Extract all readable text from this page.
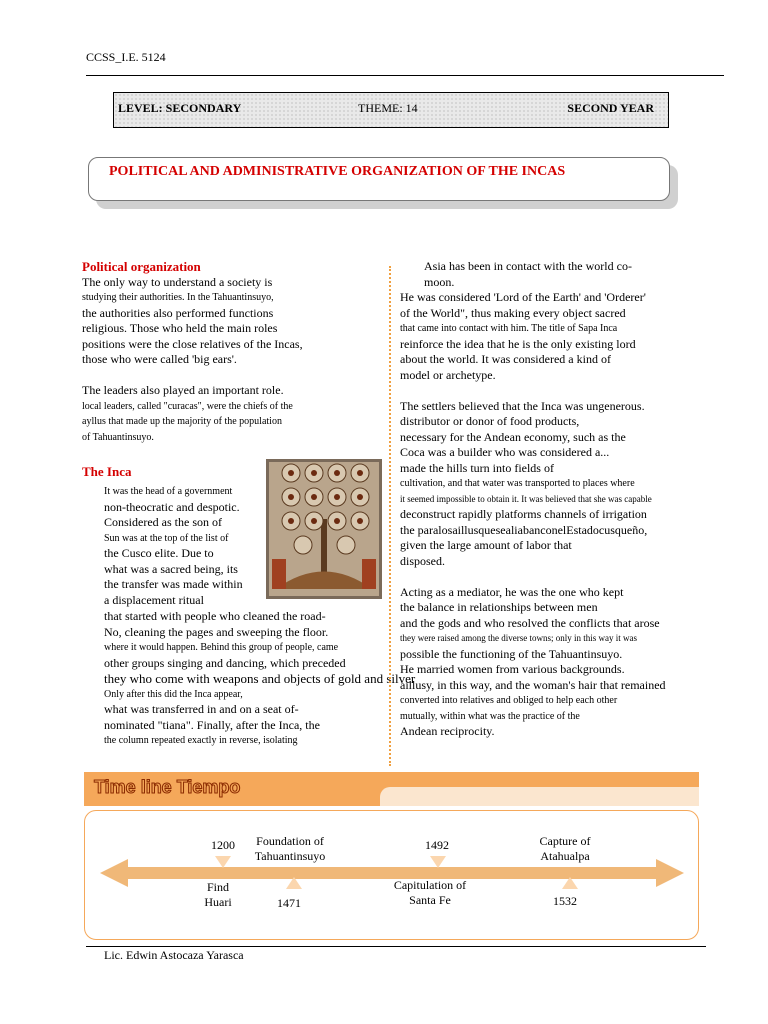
CCSS_I.E. 5124
LEVEL: SECONDARY	THEME: 14	SECOND YEAR
POLITICAL AND ADMINISTRATIVE ORGANIZATION OF THE INCAS

Political organization

The only way to understand a society is

studying their authorities. In the Tahuantinsuyo,

the authorities also performed functions

religious. Those who held the main roles

positions were the close relatives of the Incas,

those who were called 'big ears'.

The leaders also played an important role.

local leaders, called "curacas", were the chiefs of the

ayllus that made up the majority of the population

of Tahuantinsuyo.

The Inca

It was the head of a government

non-theocratic and despotic.

Considered as the son of

Sun was at the top of the list of

the Cusco elite. Due to

what was a sacred being, its

the transfer was made within

a displacement ritual

that started with people who cleaned the road-

No, cleaning the pages and sweeping the floor.

where it would happen. Behind this group of people, came

other groups singing and dancing, which preceded

they who come with weapons and objects of gold and silver

Only after this did the Inca appear,

what was transferred in and on a seat of-

nominated "tiana". Finally, after the Inca, the

the column repeated exactly in reverse, isolating

Asia has been in contact with the world co-

moon.

He was considered 'Lord of the Earth' and 'Orderer'

of the World", thus making every object sacred

that came into contact with him. The title of Sapa Inca

reinforce the idea that he is the only existing lord

about the world. It was considered a kind of

model or archetype.

The settlers believed that the Inca was ungenerous.

distributor or donor of food products,

necessary for the Andean economy, such as the

Coca was a builder who was considered a...

made the hills turn into fields of

cultivation, and that water was transported to places where

it seemed impossible to obtain it. It was believed that she was capable

deconstruct rapidly platforms channels of irrigation

the paralosaillusquesealiabanconelEstadocusqueño,

given the large amount of labor that

disposed.

Acting as a mediator, he was the one who kept

the balance in relationships between men

and the gods and who resolved the conflicts that arose

they were raised among the diverse towns; only in this way it was

possible the functioning of the Tahuantinsuyo.

He married women from various backgrounds.

aillusy, in this way, and the woman's hair that remained

converted into relatives and obliged to help each other

mutually, within what was the practice of the

Andean reciprocity.

Time line Tiempo
1200
Find
Huari
Foundation of
Tahuantinsuyo
1471
1492
Capitulation of
Santa Fe
Capture of
Atahualpa
1532
Lic. Edwin Astocaza Yarasca
